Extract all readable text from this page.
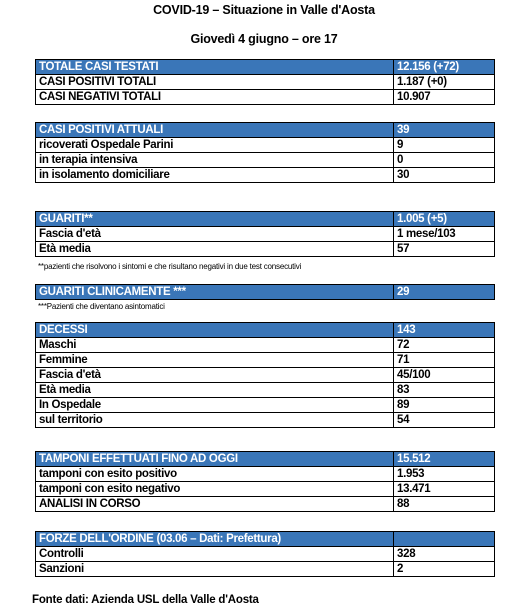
COVID-19 – Situazione in Valle d'Aosta
Giovedì 4 giugno – ore 17
TOTALE CASI TESTATI	12.156 (+72)
CASI POSITIVI TOTALI	1.187 (+0)
CASI NEGATIVI TOTALI	10.907
CASI POSITIVI ATTUALI	39
ricoverati Ospedale Parini	9
in terapia intensiva	0
in isolamento domiciliare	30
GUARITI**	1.005 (+5)
Fascia d'età	1 mese/103
Età media	57
**pazienti che risolvono i sintomi e che risultano negativi in due test consecutivi
GUARITI CLINICAMENTE ***	29
***Pazienti che diventano asintomatici
DECESSI	143
Maschi	72
Femmine	71
Fascia d'età	45/100
Età media	83
In Ospedale	89
sul territorio	54
TAMPONI EFFETTUATI FINO AD OGGI	15.512
tamponi con esito positivo	1.953
tamponi con esito negativo	13.471
ANALISI IN CORSO	88
FORZE DELL'ORDINE (03.06 – Dati: Prefettura)	
Controlli	328
Sanzioni	2
Fonte dati: Azienda USL della Valle d'Aosta
